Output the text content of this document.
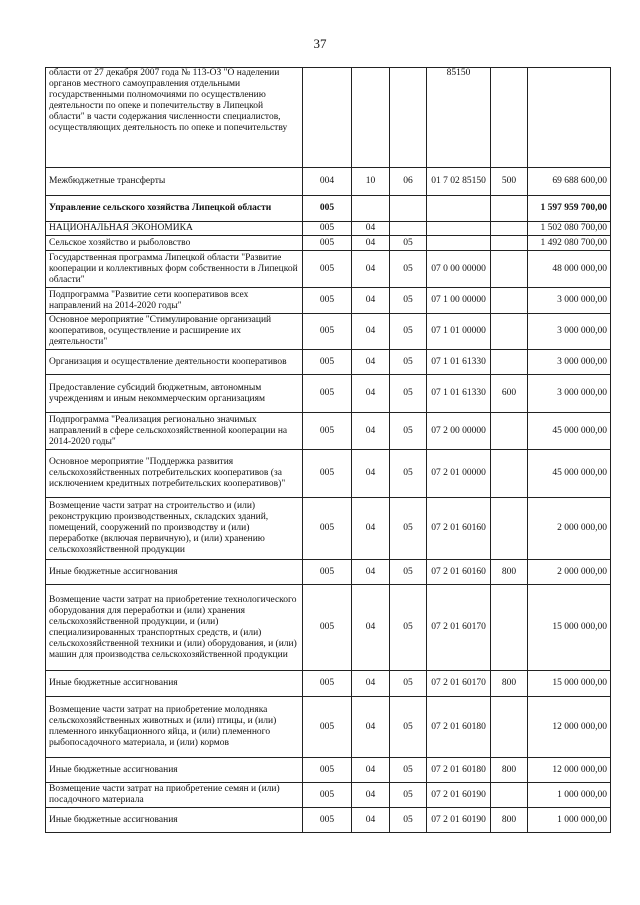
37
области от 27 декабря 2007 года № 113-ОЗ "О наделении органов местного самоуправления отдельными государственными полномочиями по осуществлению деятельности по опеке и попечительству в Липецкой области" в части содержания численности специалистов, осуществляющих деятельность по опеке и попечительству				85150		
Межбюджетные трансферты	004	10	06	01 7 02 85150	500	69 688 600,00
Управление сельского хозяйства Липецкой области	005					1 597 959 700,00
НАЦИОНАЛЬНАЯ ЭКОНОМИКА	005	04				1 502 080 700,00
Сельское хозяйство и рыболовство	005	04	05			1 492 080 700,00
Государственная программа Липецкой области "Развитие кооперации и коллективных форм собственности в Липецкой области"	005	04	05	07 0 00 00000		48 000 000,00
Подпрограмма "Развитие сети кооперативов всех направлений на 2014-2020 годы"	005	04	05	07 1 00 00000		3 000 000,00
Основное мероприятие "Стимулирование организаций кооперативов, осуществление и расширение их деятельности"	005	04	05	07 1 01 00000		3 000 000,00
Организация и осуществление деятельности кооперативов	005	04	05	07 1 01 61330		3 000 000,00
Предоставление субсидий бюджетным, автономным учреждениям и иным некоммерческим организациям	005	04	05	07 1 01 61330	600	3 000 000,00
Подпрограмма "Реализация регионально значимых направлений в сфере сельскохозяйственной кооперации на 2014-2020 годы"	005	04	05	07 2 00 00000		45 000 000,00
Основное мероприятие "Поддержка развития сельскохозяйственных потребительских кооперативов (за исключением кредитных потребительских кооперативов)"	005	04	05	07 2 01 00000		45 000 000,00
Возмещение части затрат на строительство и (или) реконструкцию производственных, складских зданий, помещений, сооружений по производству и (или) переработке (включая первичную), и (или) хранению сельскохозяйственной продукции	005	04	05	07 2 01 60160		2 000 000,00
Иные бюджетные ассигнования	005	04	05	07 2 01 60160	800	2 000 000,00
Возмещение части затрат на приобретение технологического оборудования для переработки и (или) хранения сельскохозяйственной продукции, и (или) специализированных транспортных средств, и (или) сельскохозяйственной техники и (или) оборудования, и (или) машин для производства сельскохозяйственной продукции	005	04	05	07 2 01 60170		15 000 000,00
Иные бюджетные ассигнования	005	04	05	07 2 01 60170	800	15 000 000,00
Возмещение части затрат на приобретение молодняка сельскохозяйственных животных и (или) птицы, и (или) племенного инкубационного яйца, и (или) племенного рыбопосадочного материала, и (или) кормов	005	04	05	07 2 01 60180		12 000 000,00
Иные бюджетные ассигнования	005	04	05	07 2 01 60180	800	12 000 000,00
Возмещение части затрат на приобретение семян и (или) посадочного материала	005	04	05	07 2 01 60190		1 000 000,00
Иные бюджетные ассигнования	005	04	05	07 2 01 60190	800	1 000 000,00
